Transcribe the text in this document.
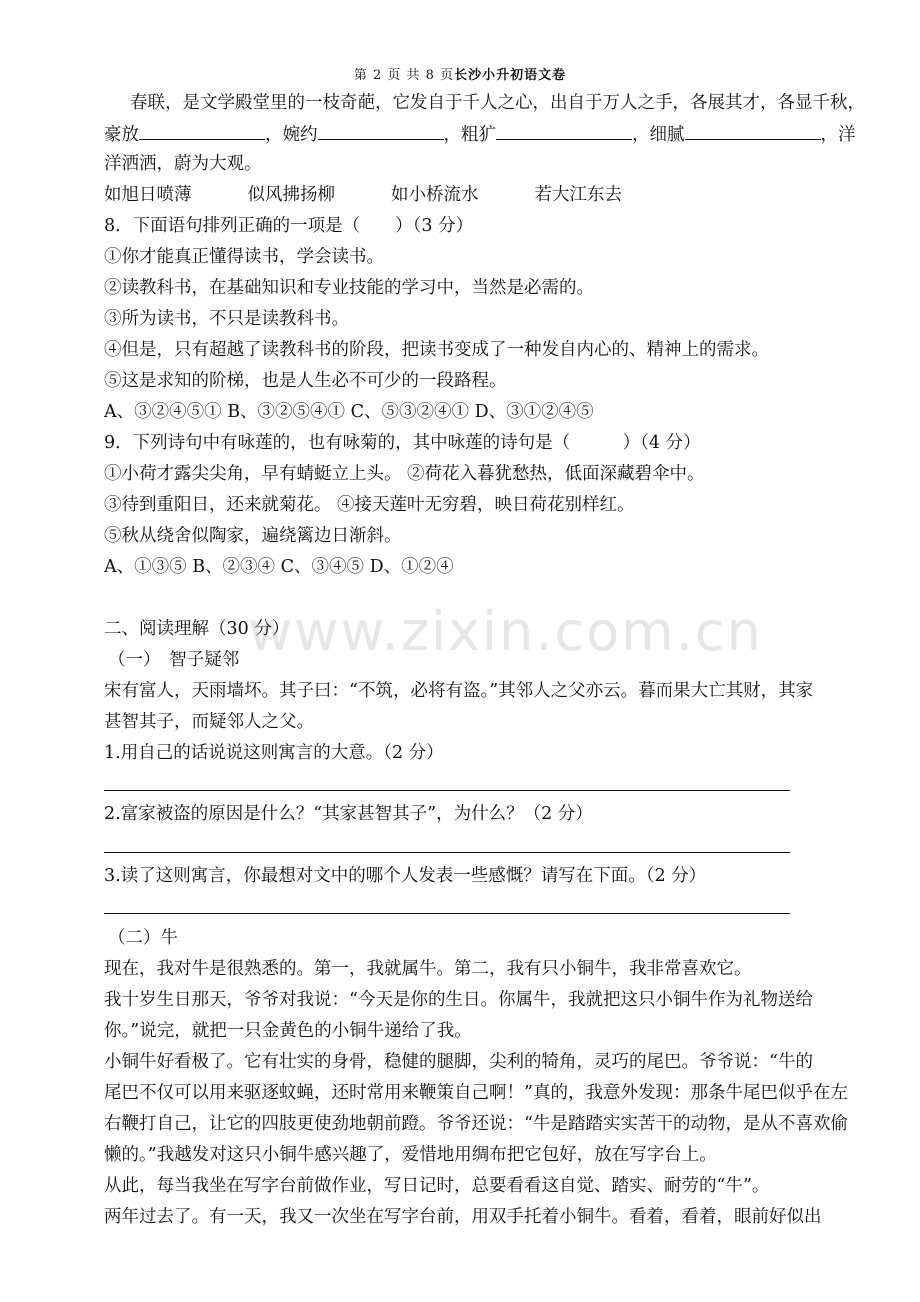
第 2 页 共 8 页长沙小升初语文卷
www.zixin.com.cn
春联，是文学殿堂里的一枝奇葩，它发自于千人之心，出自于万人之手，各展其才，各显千秋，
豪放	，婉约	，粗犷	，细腻	，洋
洋洒洒，蔚为大观。
如旭日喷薄	似风拂扬柳	如小桥流水	若大江东去
8．下面语句排列正确的一项是（　　）（3 分）
①你才能真正懂得读书，学会读书。
②读教科书，在基础知识和专业技能的学习中，当然是必需的。
③所为读书，不只是读教科书。
④但是，只有超越了读教科书的阶段，把读书变成了一种发自内心的、精神上的需求。
⑤这是求知的阶梯，也是人生必不可少的一段路程。
A、③②④⑤① B、③②⑤④① C、⑤③②④① D、③①②④⑤
9．下列诗句中有咏莲的，也有咏菊的，其中咏莲的诗句是（　　　）（4 分）
①小荷才露尖尖角，早有蜻蜓立上头。 ②荷花入暮犹愁热，低面深藏碧伞中。
③待到重阳日，还来就菊花。 ④接天莲叶无穷碧，映日荷花别样红。
⑤秋从绕舍似陶家，遍绕篱边日渐斜。
A、①③⑤ B、②③④ C、③④⑤ D、①②④
二、阅读理解（30 分）
（一）　智子疑邻
宋有富人，天雨墙坏。其子曰：“不筑，必将有盗。”其邻人之父亦云。暮而果大亡其财，其家
甚智其子，而疑邻人之父。
1.用自己的话说说这则寓言的大意。（2 分）
2.富家被盗的原因是什么？“其家甚智其子”，为什么？（2 分）
3.读了这则寓言，你最想对文中的哪个人发表一些感慨？请写在下面。（2 分）
（二）牛
现在，我对牛是很熟悉的。第一，我就属牛。第二，我有只小铜牛，我非常喜欢它。
我十岁生日那天，爷爷对我说：“今天是你的生日。你属牛，我就把这只小铜牛作为礼物送给
你。”说完，就把一只金黄色的小铜牛递给了我。
小铜牛好看极了。它有壮实的身骨，稳健的腿脚，尖利的犄角，灵巧的尾巴。爷爷说：“牛的
尾巴不仅可以用来驱逐蚊蝇，还时常用来鞭策自己啊！”真的，我意外发现：那条牛尾巴似乎在左
右鞭打自己，让它的四肢更使劲地朝前蹬。爷爷还说：“牛是踏踏实实苦干的动物，是从不喜欢偷
懒的。”我越发对这只小铜牛感兴趣了，爱惜地用绸布把它包好，放在写字台上。
从此，每当我坐在写字台前做作业，写日记时，总要看看这自觉、踏实、耐劳的“牛”。
两年过去了。有一天，我又一次坐在写字台前，用双手托着小铜牛。看着，看着，眼前好似出
